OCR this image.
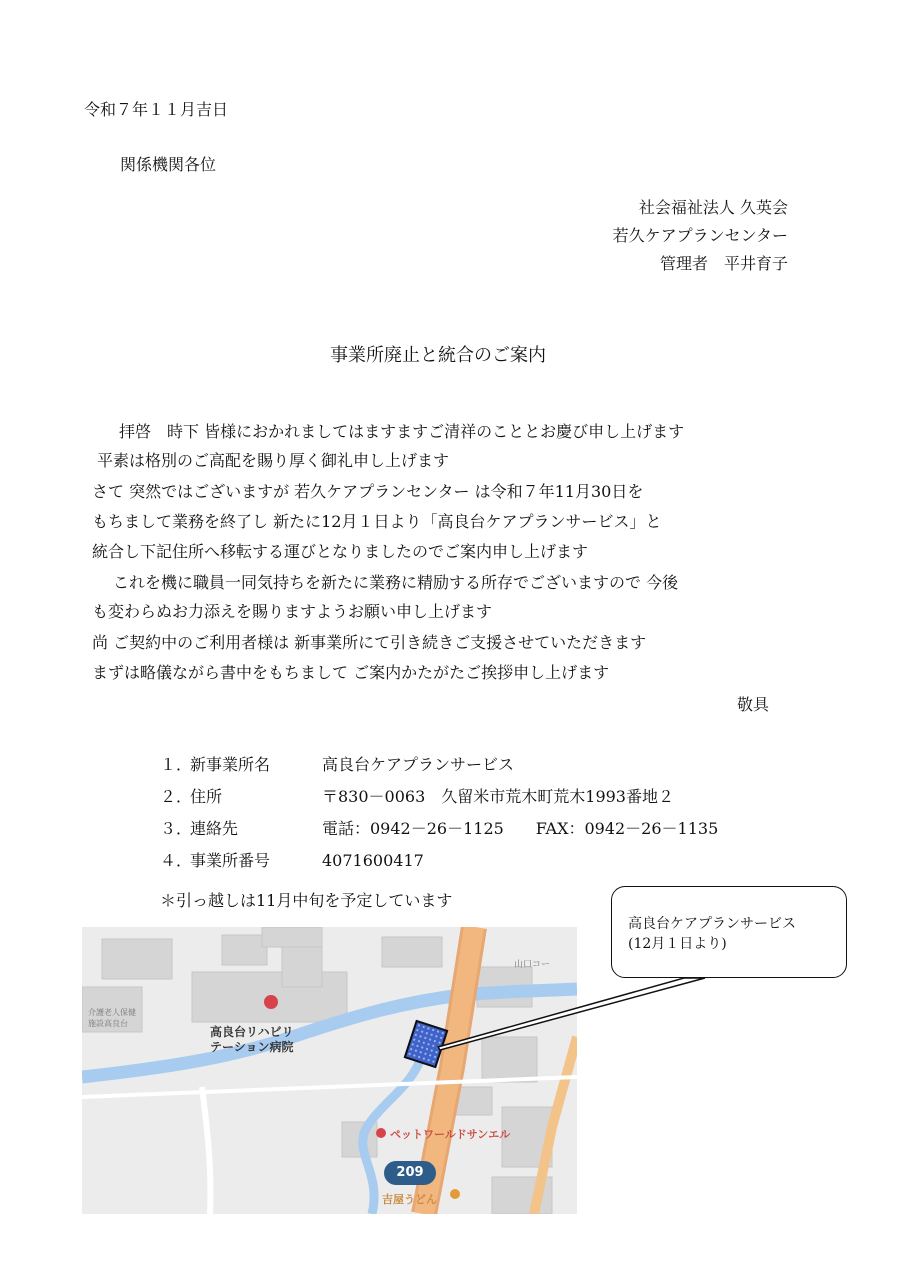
令和７年１１月吉日
関係機関各位
社会福祉法人 久英会
若久ケアプランセンター
管理者　平井育子
事業所廃止と統合のご案内
　拝啓　時下 皆様におかれましてはますますご清祥のこととお慶び申し上げます
平素は格別のご高配を賜り厚く御礼申し上げます
さて 突然ではございますが 若久ケアプランセンター は令和７年11月30日を
もちまして業務を終了し 新たに12月１日より「高良台ケアプランサービス」と
統合し下記住所へ移転する運びとなりましたのでご案内申し上げます
　これを機に職員一同気持ちを新たに業務に精励する所存でございますので 今後
も変わらぬお力添えを賜りますようお願い申し上げます
尚 ご契約中のご利用者様は 新事業所にて引き続きご支援させていただきます
まずは略儀ながら書中をもちまして ご案内かたがたご挨拶申し上げます
敬具
１．
新事業所名	高良台ケアプランサービス
２．
住所	〒830－0063　久留米市荒木町荒木1993番地２
３．
連絡先	電話：0942－26－1125　　FAX：0942－26－1135
４．
事業所番号	4071600417
＊引っ越しは11月中旬を予定しています
高良台リハビリ
テーション病院
介護老人保健
施設高良台
山口コー
ペットワールドサンエル
209
吉屋うどん
高良台ケアプランサービス
(12月１日より)
